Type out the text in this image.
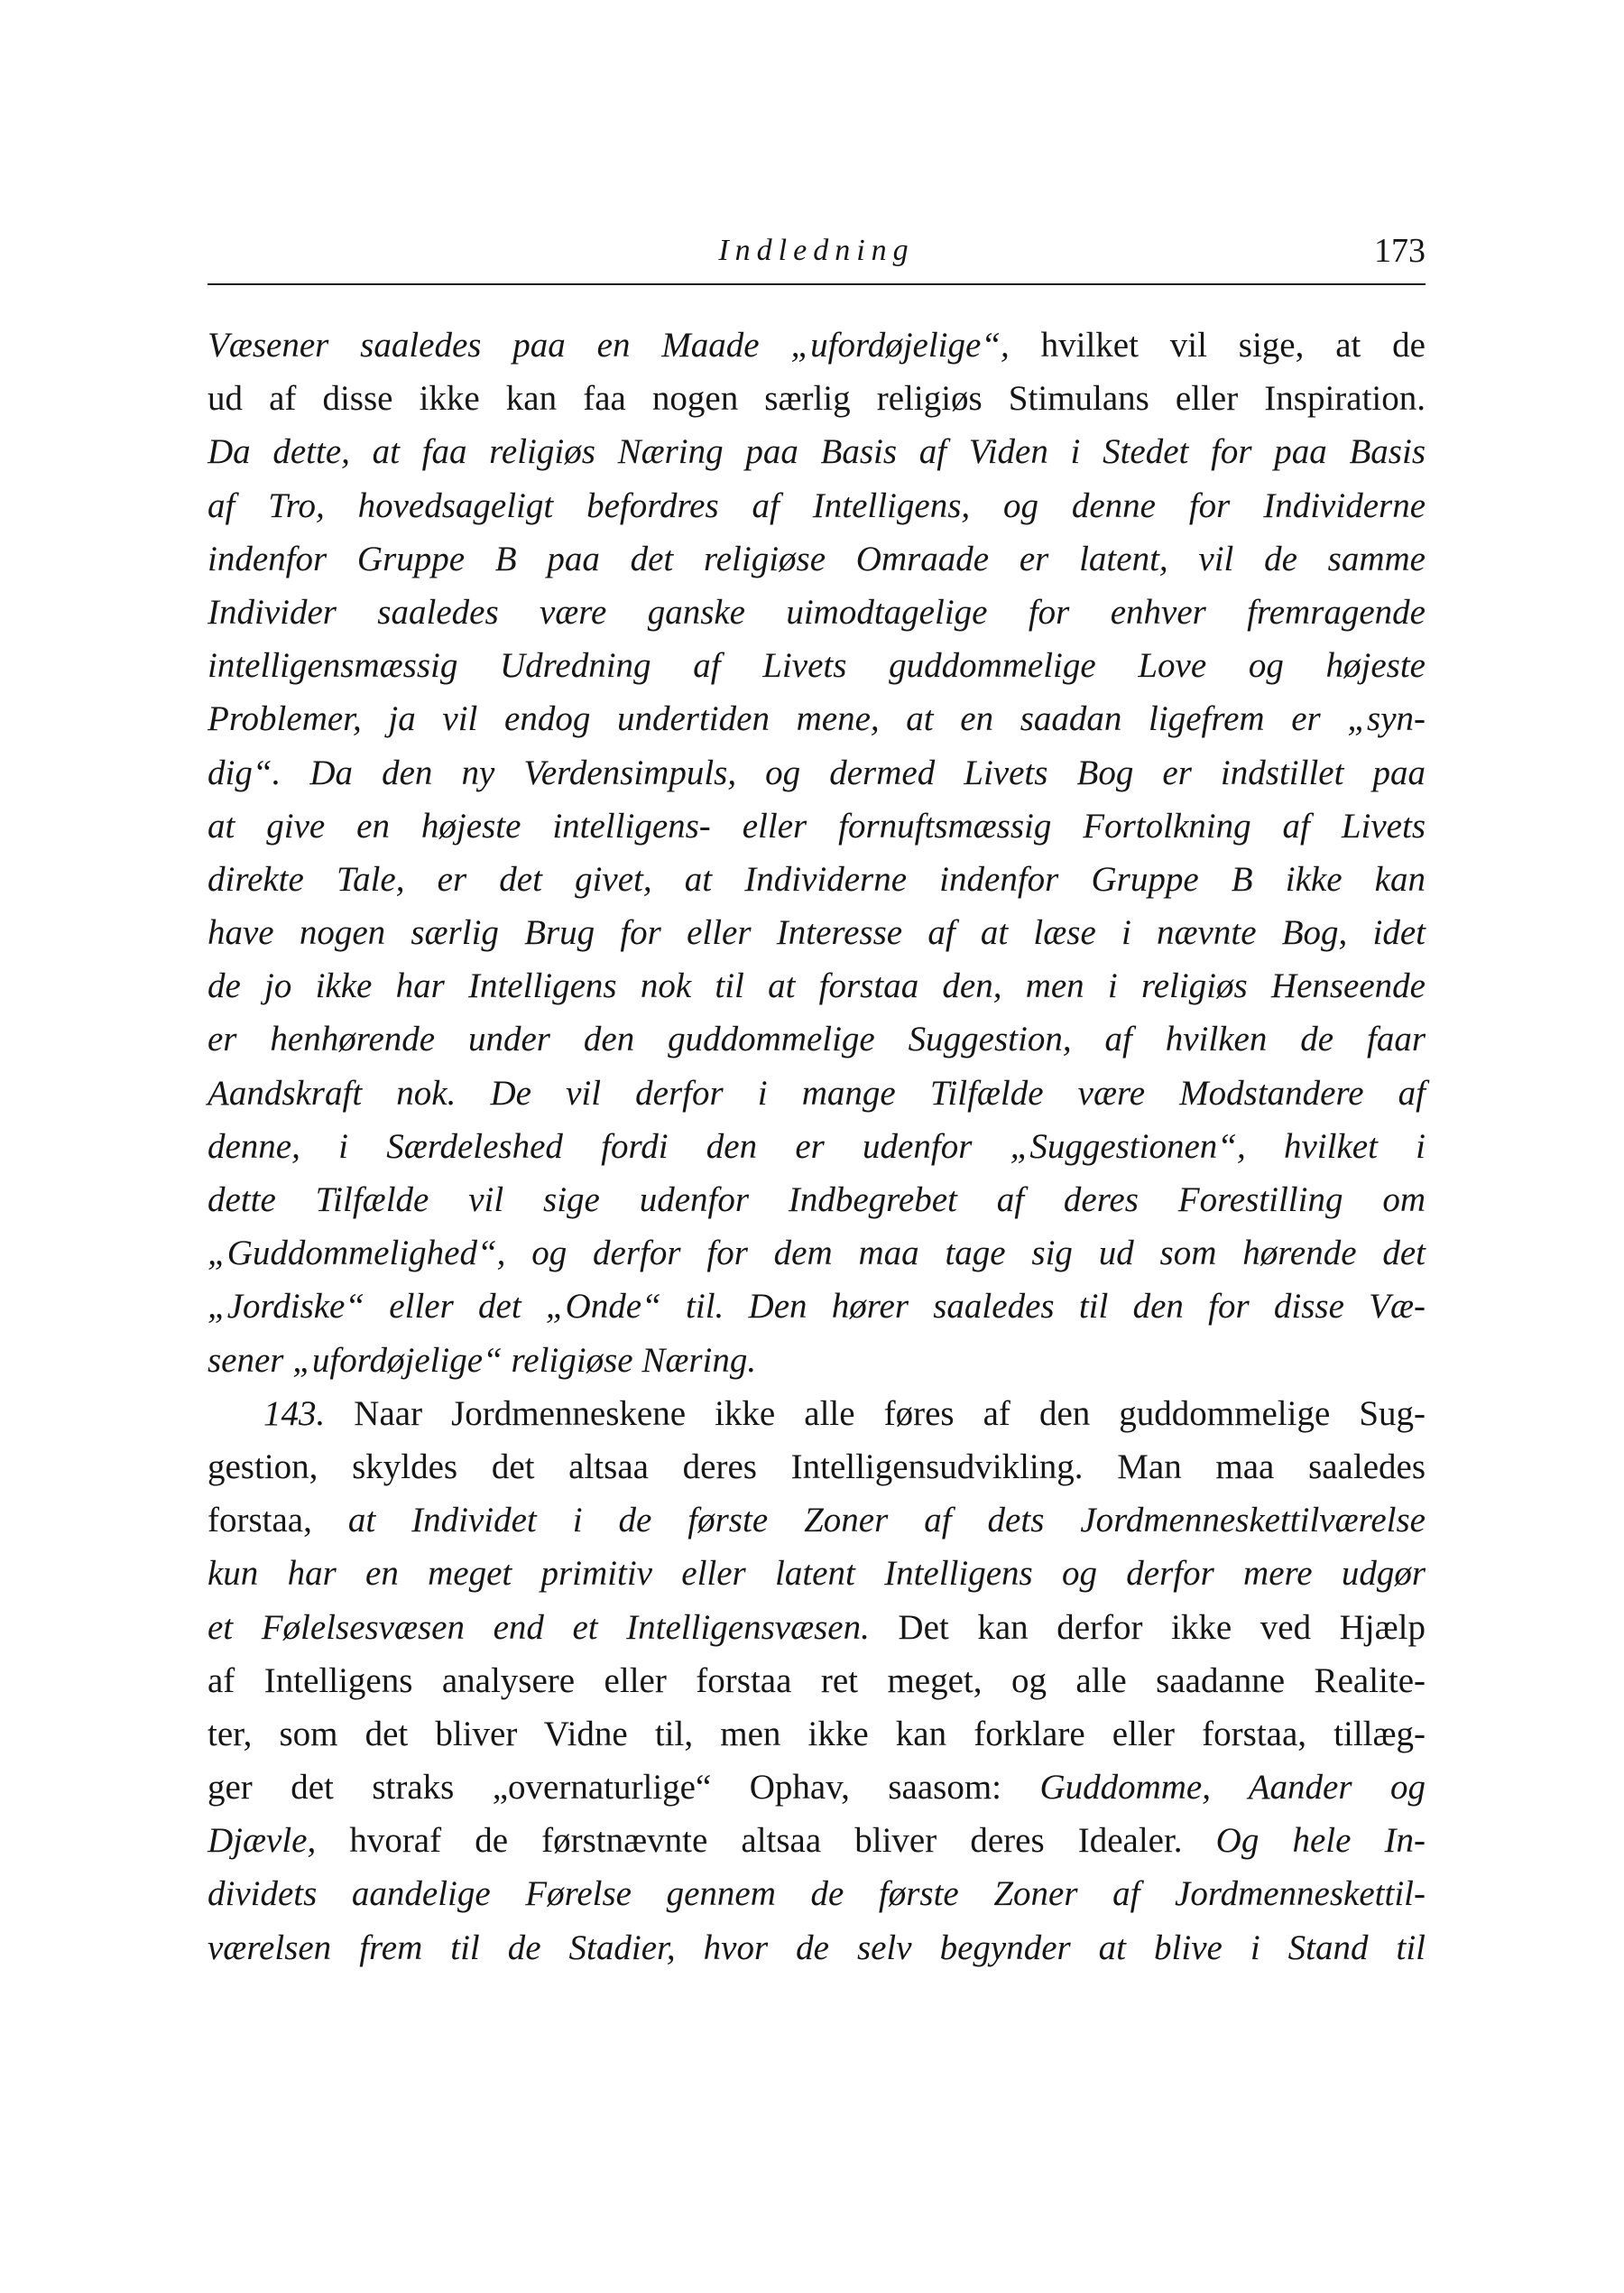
Indledning	173
Væsener saaledes paa en Maade „ufordøjelige“, hvilket vil sige, at de
ud af disse ikke kan faa nogen særlig religiøs Stimulans eller Inspiration.
Da dette, at faa religiøs Næring paa Basis af Viden i Stedet for paa Basis
af Tro, hovedsageligt befordres af Intelligens, og denne for Individerne
indenfor Gruppe B paa det religiøse Omraade er latent, vil de samme
Individer saaledes være ganske uimodtagelige for enhver fremragende
intelligensmæssig Udredning af Livets guddommelige Love og højeste
Problemer, ja vil endog undertiden mene, at en saadan ligefrem er „syn-
dig“. Da den ny Verdensimpuls, og dermed Livets Bog er indstillet paa
at give en højeste intelligens- eller fornuftsmæssig Fortolkning af Livets
direkte Tale, er det givet, at Individerne indenfor Gruppe B ikke kan
have nogen særlig Brug for eller Interesse af at læse i nævnte Bog, idet
de jo ikke har Intelligens nok til at forstaa den, men i religiøs Henseende
er henhørende under den guddommelige Suggestion, af hvilken de faar
Aandskraft nok. De vil derfor i mange Tilfælde være Modstandere af
denne, i Særdeleshed fordi den er udenfor „Suggestionen“, hvilket i
dette Tilfælde vil sige udenfor Indbegrebet af deres Forestilling om
„Guddommelighed“, og derfor for dem maa tage sig ud som hørende det
„Jordiske“ eller det „Onde“ til. Den hører saaledes til den for disse Væ-
sener „ufordøjelige“ religiøse Næring.
143. Naar Jordmenneskene ikke alle føres af den guddommelige Sug-
gestion, skyldes det altsaa deres Intelligensudvikling. Man maa saaledes
forstaa, at Individet i de første Zoner af dets Jordmenneskettilværelse
kun har en meget primitiv eller latent Intelligens og derfor mere udgør
et Følelsesvæsen end et Intelligensvæsen. Det kan derfor ikke ved Hjælp
af Intelligens analysere eller forstaa ret meget, og alle saadanne Realite-
ter, som det bliver Vidne til, men ikke kan forklare eller forstaa, tillæg-
ger det straks „overnaturlige“ Ophav, saasom: Guddomme, Aander og
Djævle, hvoraf de førstnævnte altsaa bliver deres Idealer. Og hele In-
dividets aandelige Førelse gennem de første Zoner af Jordmenneskettil-
værelsen frem til de Stadier, hvor de selv begynder at blive i Stand til
